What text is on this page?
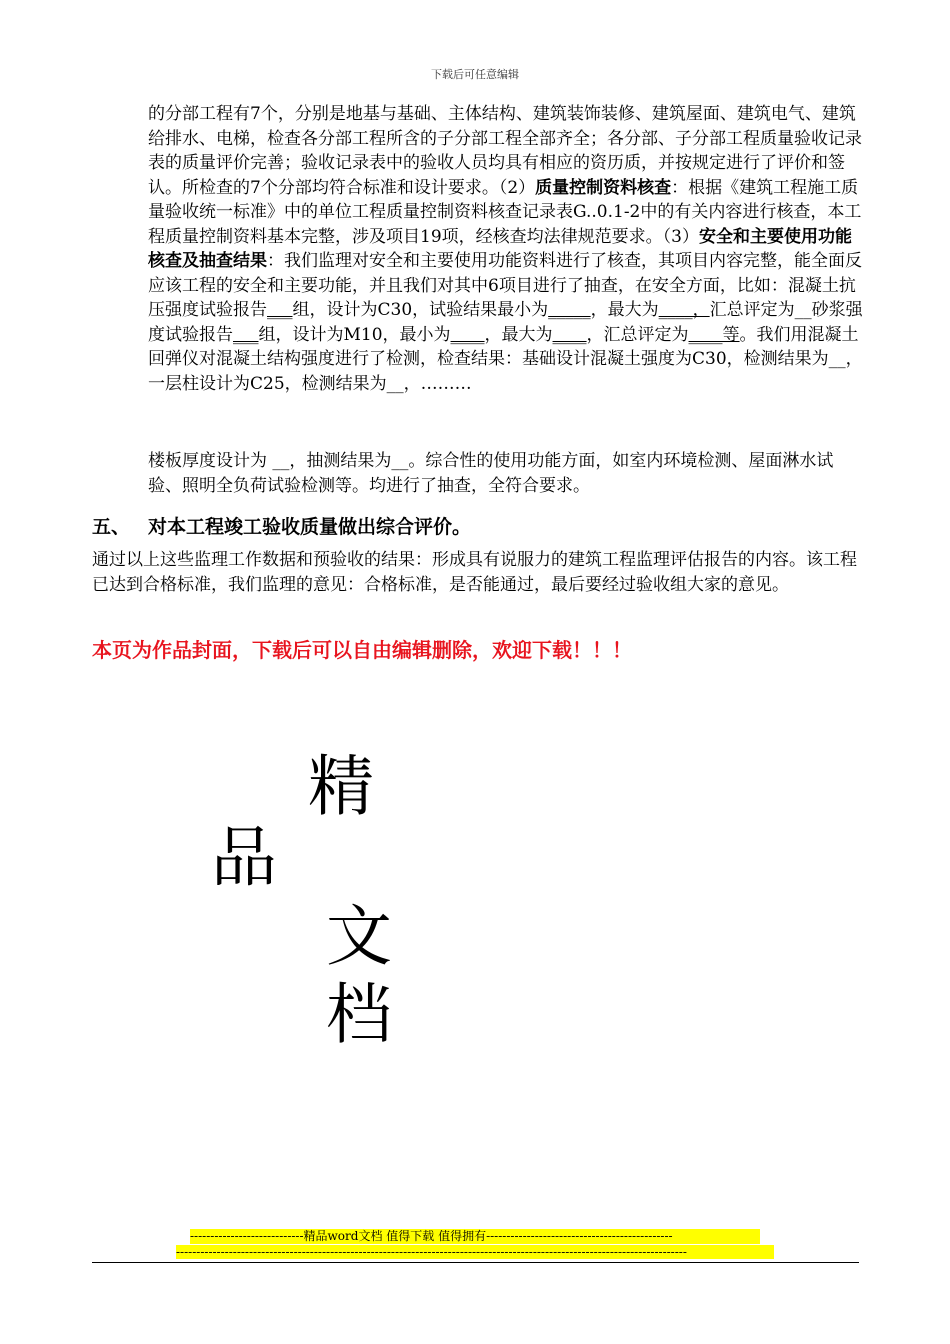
下载后可任意编辑
的分部工程有7个，分别是地基与基础、主体结构、建筑装饰装修、建筑屋面、建筑电气、建筑给排水、电梯，检查各分部工程所含的子分部工程全部齐全；各分部、子分部工程质量验收记录表的质量评价完善；验收记录表中的验收人员均具有相应的资历质，并按规定进行了评价和签认。所检查的7个分部均符合标准和设计要求。（2）质量控制资料核查：根据《建筑工程施工质量验收统一标准》中的单位工程质量控制资料核查记录表G..0.1-2中的有关内容进行核查，本工程质量控制资料基本完整，涉及项目19项，经核查均法律规范要求。（3）安全和主要使用功能核查及抽查结果：我们监理对安全和主要使用功能资料进行了核查，其项目内容完整，能全面反应该工程的安全和主要功能，并且我们对其中6项目进行了抽查，在安全方面，比如：混凝土抗压强度试验报告___组，设计为C30，试验结果最小为_____，最大为____，汇总评定为__砂浆强度试验报告___组，设计为M10，最小为____，最大为____，汇总评定为____等。我们用混凝土回弹仪对混凝土结构强度进行了检测，检查结果：基础设计混凝土强度为C30，检测结果为__，一层柱设计为C25，检测结果为__，………
楼板厚度设计为 __，抽测结果为__。综合性的使用功能方面，如室内环境检测、屋面淋水试验、照明全负荷试验检测等。均进行了抽查，全符合要求。
五、 对本工程竣工验收质量做出综合评价。
通过以上这些监理工作数据和预验收的结果：形成具有说服力的建筑工程监理评估报告的内容。该工程已达到合格标准，我们监理的意见：合格标准，是否能通过，最后要经过验收组大家的意见。
本页为作品封面，下载后可以自由编辑删除，欢迎下载！！！
精
品
文
档
----------------------------精品word文档 值得下载 值得拥有----------------------------------------------
------------------------------------------------------------------------------------------------------------------------------
